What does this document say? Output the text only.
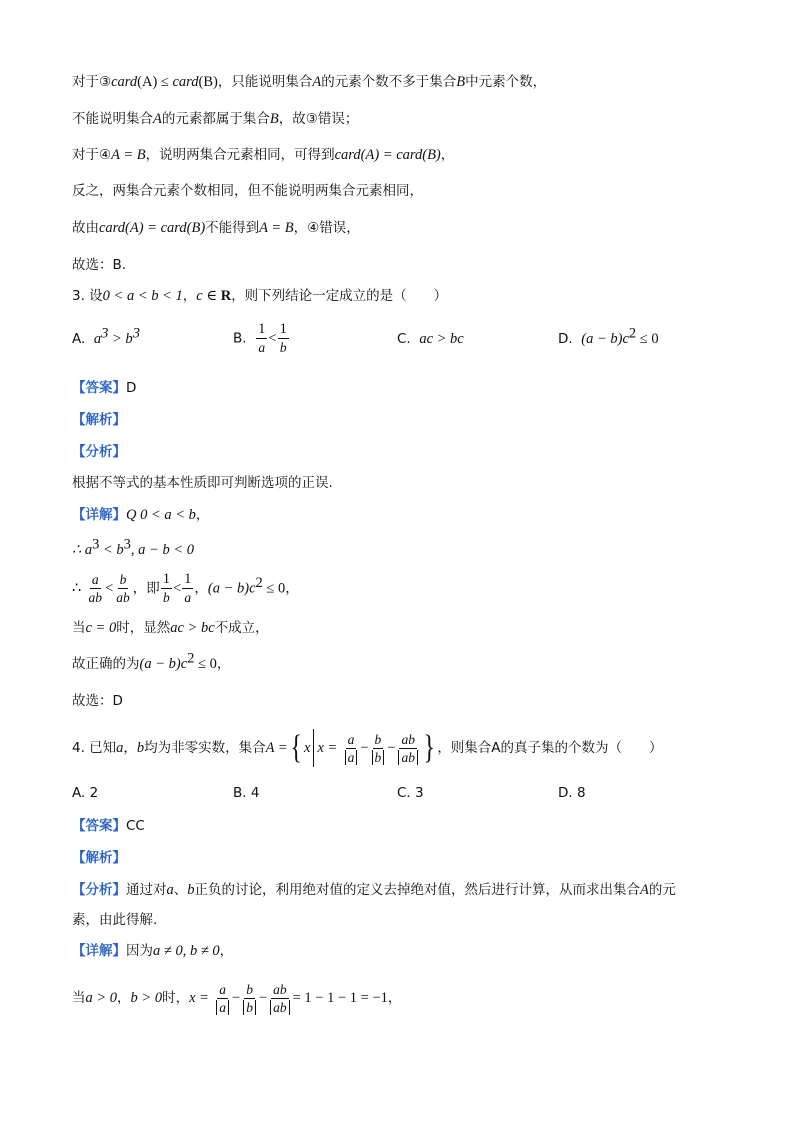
对于③card(A) ≤ card(B)，只能说明集合A的元素个数不多于集合B中元素个数，
不能说明集合A的元素都属于集合B，故③错误；
对于④A = B，说明两集合元素相同，可得到card(A) = card(B)，
反之，两集合元素个数相同，但不能说明两集合元素相同，
故由card(A) = card(B)不能得到A = B，④错误，
故选：B.
3. 设0 < a < b < 1，c ∈ R，则下列结论一定成立的是（　　）
A. $a^3 > b^3$	B. $\frac{1}{a} < \frac{1}{b}$	C. ac > bc	D. $(a - b)c^2 \le 0$
【答案】D
【解析】
【分析】
根据不等式的基本性质即可判断选项的正误.
【详解】Q 0 < a < b，
∴ $a^3 < b^3$, a − b < 0
∴ $\frac{a}{ab} < \frac{b}{ab}$ ，即 $\frac{1}{b} < \frac{1}{a}$ ，$(a - b)c^2 \le 0$，
当c = 0时，显然ac > bc不成立，
故正确的为$(a - b)c^2 \le 0$，
故选：D
4. 已知a，b均为非零实数，集合A ={ x $x = \frac{a}{a} - \frac{b}{b} - \frac{ab}{ab}$ } ，则集合A的真子集的个数为（　　）
A. 2	B. 4	C. 3	D. 8
【答案】CC
【解析】
【分析】通过对a、b正负的讨论，利用绝对值的定义去掉绝对值，然后进行计算，从而求出集合A的元
素，由此得解.
【详解】因为a ≠ 0, b ≠ 0，
当a > 0，b > 0时，$x = \frac{a}{a} - \frac{b}{b} - \frac{ab}{ab} = 1 - 1 - 1 = -1$，
